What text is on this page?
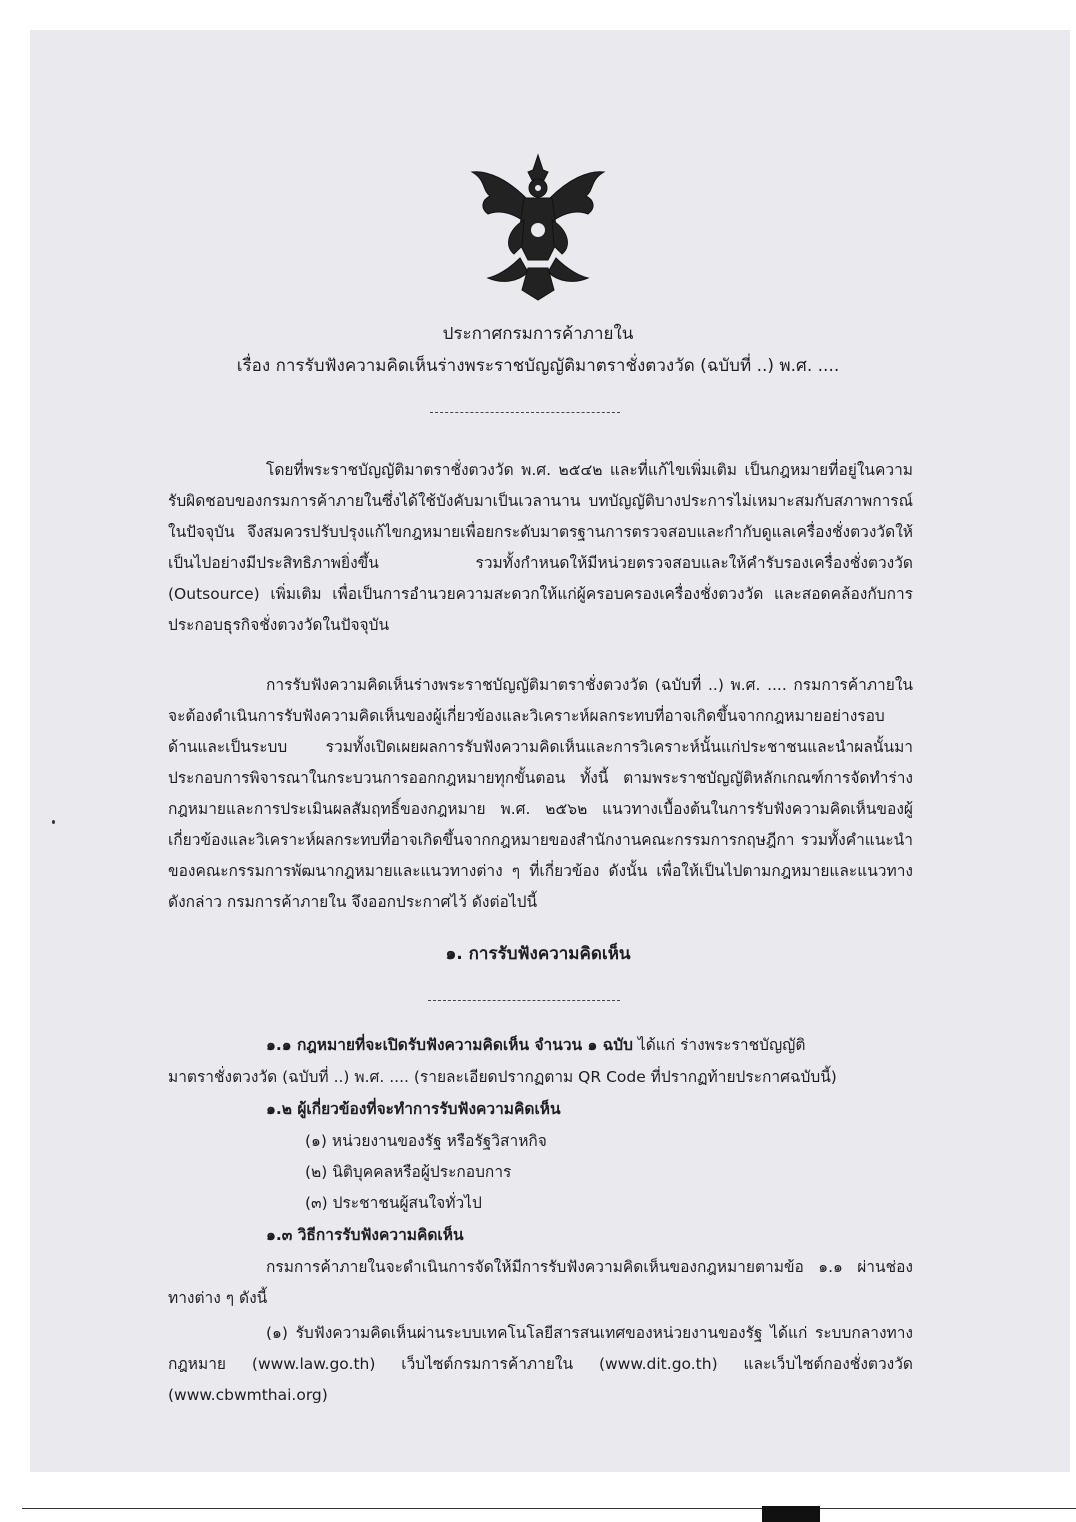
ประกาศกรมการค้าภายใน
เรื่อง การรับฟังความคิดเห็นร่างพระราชบัญญัติมาตราชั่งตวงวัด (ฉบับที่ ..) พ.ศ. ....
โดยที่พระราชบัญญัติมาตราชั่งตวงวัด พ.ศ. ๒๕๔๒ และที่แก้ไขเพิ่มเติม เป็นกฎหมายที่อยู่ในความรับผิดชอบของกรมการค้าภายในซึ่งได้ใช้บังคับมาเป็นเวลานาน บทบัญญัติบางประการไม่เหมาะสมกับสภาพการณ์ในปัจจุบัน จึงสมควรปรับปรุงแก้ไขกฎหมายเพื่อยกระดับมาตรฐานการตรวจสอบและกำกับดูแลเครื่องชั่งตวงวัดให้เป็นไปอย่างมีประสิทธิภาพยิ่งขึ้น รวมทั้งกำหนดให้มีหน่วยตรวจสอบและให้คำรับรองเครื่องชั่งตวงวัด (Outsource) เพิ่มเติม เพื่อเป็นการอำนวยความสะดวกให้แก่ผู้ครอบครองเครื่องชั่งตวงวัด และสอดคล้องกับการประกอบธุรกิจชั่งตวงวัดในปัจจุบัน
การรับฟังความคิดเห็นร่างพระราชบัญญัติมาตราชั่งตวงวัด (ฉบับที่ ..) พ.ศ. .... กรมการค้าภายในจะต้องดำเนินการรับฟังความคิดเห็นของผู้เกี่ยวข้องและวิเคราะห์ผลกระทบที่อาจเกิดขึ้นจากกฎหมายอย่างรอบด้านและเป็นระบบ รวมทั้งเปิดเผยผลการรับฟังความคิดเห็นและการวิเคราะห์นั้นแก่ประชาชนและนำผลนั้นมาประกอบการพิจารณาในกระบวนการออกกฎหมายทุกขั้นตอน ทั้งนี้ ตามพระราชบัญญัติหลักเกณฑ์การจัดทำร่างกฎหมายและการประเมินผลสัมฤทธิ์ของกฎหมาย พ.ศ. ๒๕๖๒ แนวทางเบื้องต้นในการรับฟังความคิดเห็นของผู้เกี่ยวข้องและวิเคราะห์ผลกระทบที่อาจเกิดขึ้นจากกฎหมายของสำนักงานคณะกรรมการกฤษฎีกา รวมทั้งคำแนะนำของคณะกรรมการพัฒนากฎหมายและแนวทางต่าง ๆ ที่เกี่ยวข้อง ดังนั้น เพื่อให้เป็นไปตามกฎหมายและแนวทางดังกล่าว กรมการค้าภายใน จึงออกประกาศไว้ ดังต่อไปนี้
๑. การรับฟังความคิดเห็น
๑.๑ กฎหมายที่จะเปิดรับฟังความคิดเห็น จำนวน ๑ ฉบับ ได้แก่ ร่างพระราชบัญญัติ
มาตราชั่งตวงวัด (ฉบับที่ ..) พ.ศ. .... (รายละเอียดปรากฏตาม QR Code ที่ปรากฏท้ายประกาศฉบับนี้)
๑.๒ ผู้เกี่ยวข้องที่จะทำการรับฟังความคิดเห็น
(๑) หน่วยงานของรัฐ หรือรัฐวิสาหกิจ
(๒) นิติบุคคลหรือผู้ประกอบการ
(๓) ประชาชนผู้สนใจทั่วไป
๑.๓ วิธีการรับฟังความคิดเห็น
กรมการค้าภายในจะดำเนินการจัดให้มีการรับฟังความคิดเห็นของกฎหมายตามข้อ ๑.๑ ผ่านช่องทางต่าง ๆ ดังนี้
(๑) รับฟังความคิดเห็นผ่านระบบเทคโนโลยีสารสนเทศของหน่วยงานของรัฐ ได้แก่ ระบบกลางทางกฎหมาย (www.law.go.th) เว็บไซต์กรมการค้าภายใน (www.dit.go.th) และเว็บไซต์กองชั่งตวงวัด (www.cbwmthai.org)
